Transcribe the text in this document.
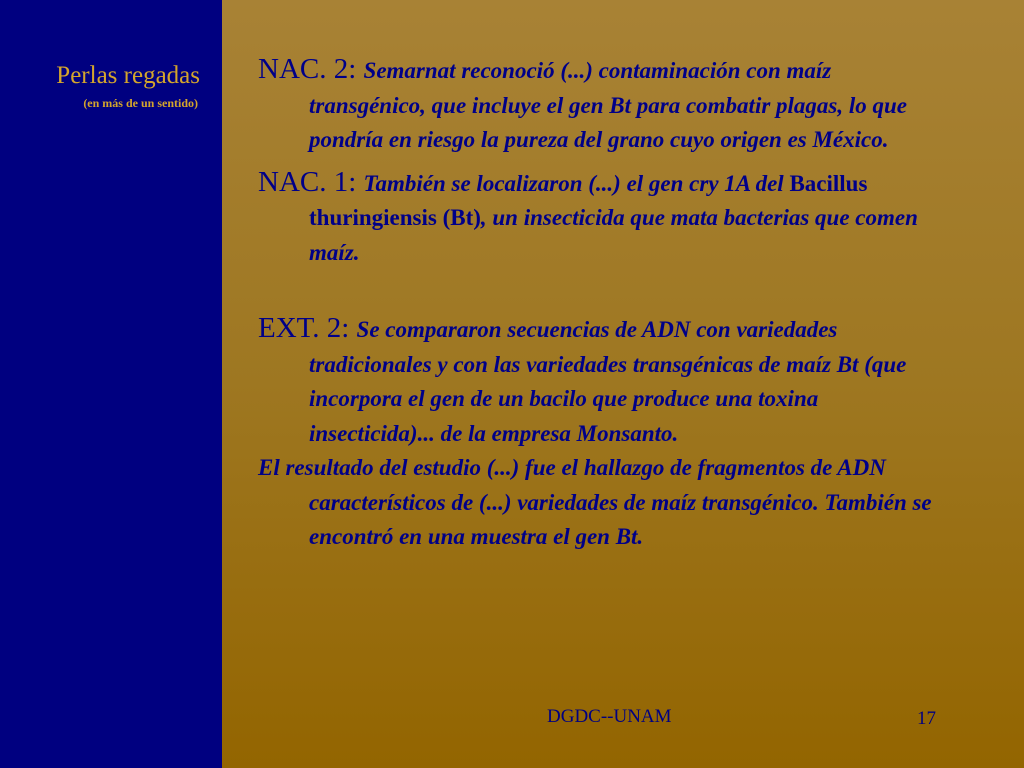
Perlas regadas
(en más de un sentido)

NAC. 2: Semarnat reconoció (...) contaminación con maíz transgénico, que incluye el gen Bt para combatir plagas, lo que pondría en riesgo la pureza del grano cuyo origen es México.

NAC. 1: También se localizaron (...) el gen cry 1A del Bacillus thuringiensis (Bt), un insecticida que mata bacterias que comen maíz.

EXT. 2: Se compararon secuencias de ADN con variedades tradicionales y con las variedades transgénicas de maíz Bt (que incorpora el gen de un bacilo que produce una toxina insecticida)... de la empresa Monsanto.

El resultado del estudio (...) fue el hallazgo de fragmentos de ADN característicos de (...) variedades de maíz transgénico. También se encontró en una muestra el gen Bt.

DGDC--UNAM	17
